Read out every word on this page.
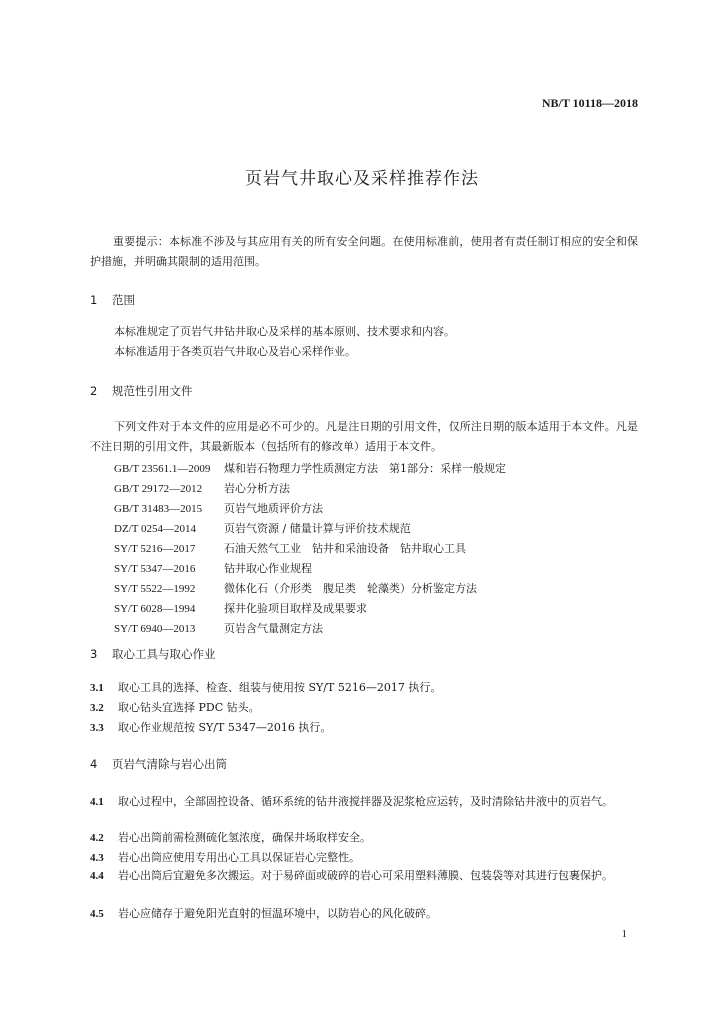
NB/T 10118—2018
页岩气井取心及采样推荐作法
重要提示：本标准不涉及与其应用有关的所有安全问题。在使用标准前，使用者有责任制订相应的安全和保护措施，并明确其限制的适用范围。
1 范围
本标准规定了页岩气井钻井取心及采样的基本原则、技术要求和内容。
本标准适用于各类页岩气井取心及岩心采样作业。
2 规范性引用文件
下列文件对于本文件的应用是必不可少的。凡是注日期的引用文件，仅所注日期的版本适用于本文件。凡是不注日期的引用文件，其最新版本（包括所有的修改单）适用于本文件。
GB/T 23561.1—2009 煤和岩石物理力学性质测定方法　第1部分：采样一般规定
GB/T 29172—2012 岩心分析方法
GB/T 31483—2015 页岩气地质评价方法
DZ/T 0254—2014	页岩气资源 / 储量计算与评价技术规范
SY/T 5216—2017	石油天然气工业　钻井和采油设备　钻井取心工具
SY/T 5347—2016	钻井取心作业规程
SY/T 5522—1992	微体化石（介形类　腹足类　轮藻类）分析鉴定方法
SY/T 6028—1994	探井化验项目取样及成果要求
SY/T 6940—2013	页岩含气量测定方法
3 取心工具与取心作业
3.1 取心工具的选择、检查、组装与使用按 SY/T 5216—2017 执行。
3.2 取心钻头宜选择 PDC 钻头。
3.3 取心作业规范按 SY/T 5347—2016 执行。
4 页岩气清除与岩心出筒
4.1 取心过程中，全部固控设备、循环系统的钻井液搅拌器及泥浆枪应运转，及时清除钻井液中的页岩气。
4.2 岩心出筒前需检测硫化氢浓度，确保井场取样安全。
4.3 岩心出筒应使用专用出心工具以保证岩心完整性。
4.4 岩心出筒后宜避免多次搬运。对于易碎面或破碎的岩心可采用塑料薄膜、包装袋等对其进行包裹保护。
4.5 岩心应储存于避免阳光直射的恒温环境中，以防岩心的风化破碎。
1
